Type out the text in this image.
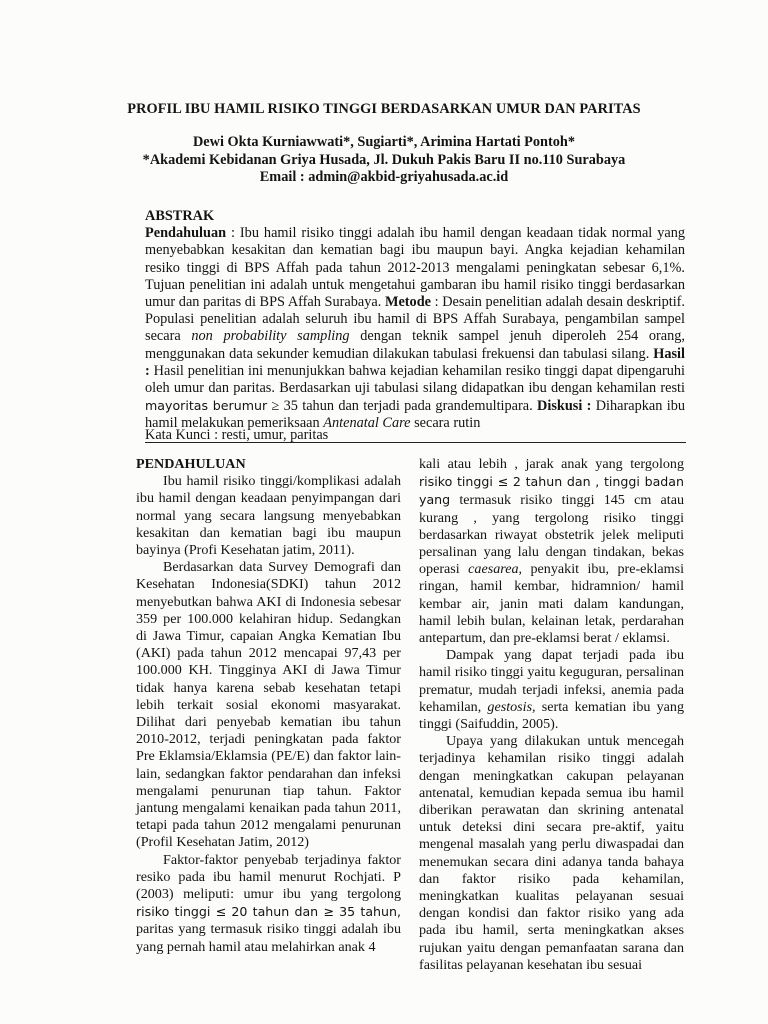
PROFIL IBU HAMIL RISIKO TINGGI BERDASARKAN UMUR DAN PARITAS
Dewi Okta Kurniawwati*, Sugiarti*, Arimina Hartati Pontoh*
*Akademi Kebidanan Griya Husada, Jl. Dukuh Pakis Baru II no.110 Surabaya
Email : admin@akbid-griyahusada.ac.id
ABSTRAK
Pendahuluan : Ibu hamil risiko tinggi adalah ibu hamil dengan keadaan tidak normal yang menyebabkan kesakitan dan kematian bagi ibu maupun bayi. Angka kejadian kehamilan resiko tinggi di BPS Affah pada tahun 2012-2013 mengalami peningkatan sebesar 6,1%. Tujuan penelitian ini adalah untuk mengetahui gambaran ibu hamil risiko tinggi berdasarkan umur dan paritas di BPS Affah Surabaya. Metode : Desain penelitian adalah desain deskriptif. Populasi penelitian adalah seluruh ibu hamil di BPS Affah Surabaya, pengambilan sampel secara non probability sampling dengan teknik sampel jenuh diperoleh 254 orang, menggunakan data sekunder kemudian dilakukan tabulasi frekuensi dan tabulasi silang. Hasil : Hasil penelitian ini menunjukkan bahwa kejadian kehamilan resiko tinggi dapat dipengaruhi oleh umur dan paritas. Berdasarkan uji tabulasi silang didapatkan ibu dengan kehamilan resti mayoritas berumur ≥ 35 tahun dan terjadi pada grandemultipara. Diskusi : Diharapkan ibu hamil melakukan pemeriksaan Antenatal Care secara rutin
Kata Kunci : resti, umur, paritas
PENDAHULUAN

Ibu hamil risiko tinggi/komplikasi adalah ibu hamil dengan keadaan penyimpangan dari normal yang secara langsung menyebabkan kesakitan dan kematian bagi ibu maupun bayinya (Profi Kesehatan jatim, 2011).

Berdasarkan data Survey Demografi dan Kesehatan Indonesia(SDKI) tahun 2012 menyebutkan bahwa AKI di Indonesia sebesar 359 per 100.000 kelahiran hidup. Sedangkan di Jawa Timur, capaian Angka Kematian Ibu (AKI) pada tahun 2012 mencapai 97,43 per 100.000 KH. Tingginya AKI di Jawa Timur tidak hanya karena sebab kesehatan tetapi lebih terkait sosial ekonomi masyarakat. Dilihat dari penyebab kematian ibu tahun 2010-2012, terjadi peningkatan pada faktor Pre Eklamsia/Eklamsia (PE/E) dan faktor lain-lain, sedangkan faktor pendarahan dan infeksi mengalami penurunan tiap tahun. Faktor jantung mengalami kenaikan pada tahun 2011, tetapi pada tahun 2012 mengalami penurunan (Profil Kesehatan Jatim, 2012)

Faktor-faktor penyebab terjadinya faktor resiko pada ibu hamil menurut Rochjati. P (2003) meliputi: umur ibu yang tergolong risiko tinggi ≤ 20 tahun dan ≥ 35 tahun, paritas yang termasuk risiko tinggi adalah ibu yang pernah hamil atau melahirkan anak 4

kali atau lebih , jarak anak yang tergolong risiko tinggi ≤ 2 tahun dan , tinggi badan yang termasuk risiko tinggi 145 cm atau kurang , yang tergolong risiko tinggi berdasarkan riwayat obstetrik jelek meliputi persalinan yang lalu dengan tindakan, bekas operasi caesarea, penyakit ibu, pre-eklamsi ringan, hamil kembar, hidramnion/ hamil kembar air, janin mati dalam kandungan, hamil lebih bulan, kelainan letak, perdarahan antepartum, dan pre-eklamsi berat / eklamsi.

Dampak yang dapat terjadi pada ibu hamil risiko tinggi yaitu keguguran, persalinan prematur, mudah terjadi infeksi, anemia pada kehamilan, gestosis, serta kematian ibu yang tinggi (Saifuddin, 2005).

Upaya yang dilakukan untuk mencegah terjadinya kehamilan risiko tinggi adalah dengan meningkatkan cakupan pelayanan antenatal, kemudian kepada semua ibu hamil diberikan perawatan dan skrining antenatal untuk deteksi dini secara pre-aktif, yaitu mengenal masalah yang perlu diwaspadai dan menemukan secara dini adanya tanda bahaya dan faktor risiko pada kehamilan, meningkatkan kualitas pelayanan sesuai dengan kondisi dan faktor risiko yang ada pada ibu hamil, serta meningkatkan akses rujukan yaitu dengan pemanfaatan sarana dan fasilitas pelayanan kesehatan ibu sesuai
